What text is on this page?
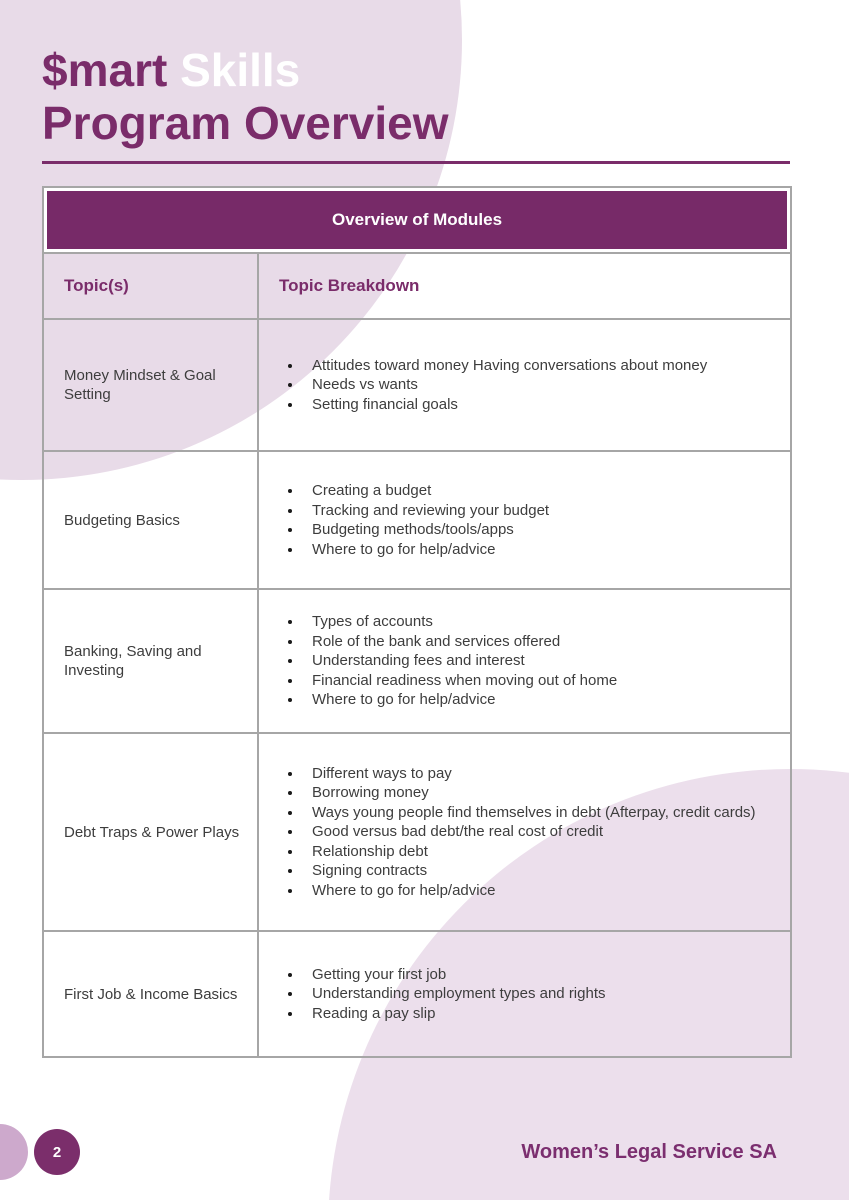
$mart Skills
Program Overview
Overview of Modules	
Topic(s)	Topic Breakdown
Money Mindset & Goal Setting	
• Attitudes toward money Having conversations about money
• Needs vs wants
• Setting financial goals

Budgeting Basics	
• Creating a budget
• Tracking and reviewing your budget
• Budgeting methods/tools/apps
• Where to go for help/advice

Banking, Saving and Investing	
• Types of accounts
• Role of the bank and services offered
• Understanding fees and interest
• Financial readiness when moving out of home
• Where to go for help/advice

Debt Traps & Power Plays	
• Different ways to pay
• Borrowing money
• Ways young people find themselves in debt (Afterpay, credit cards)
• Good versus bad debt/the real cost of credit
• Relationship debt
• Signing contracts
• Where to go for help/advice

First Job & Income Basics	
• Getting your first job
• Understanding employment types and rights
• Reading a pay slip
2	Women’s Legal Service SA
